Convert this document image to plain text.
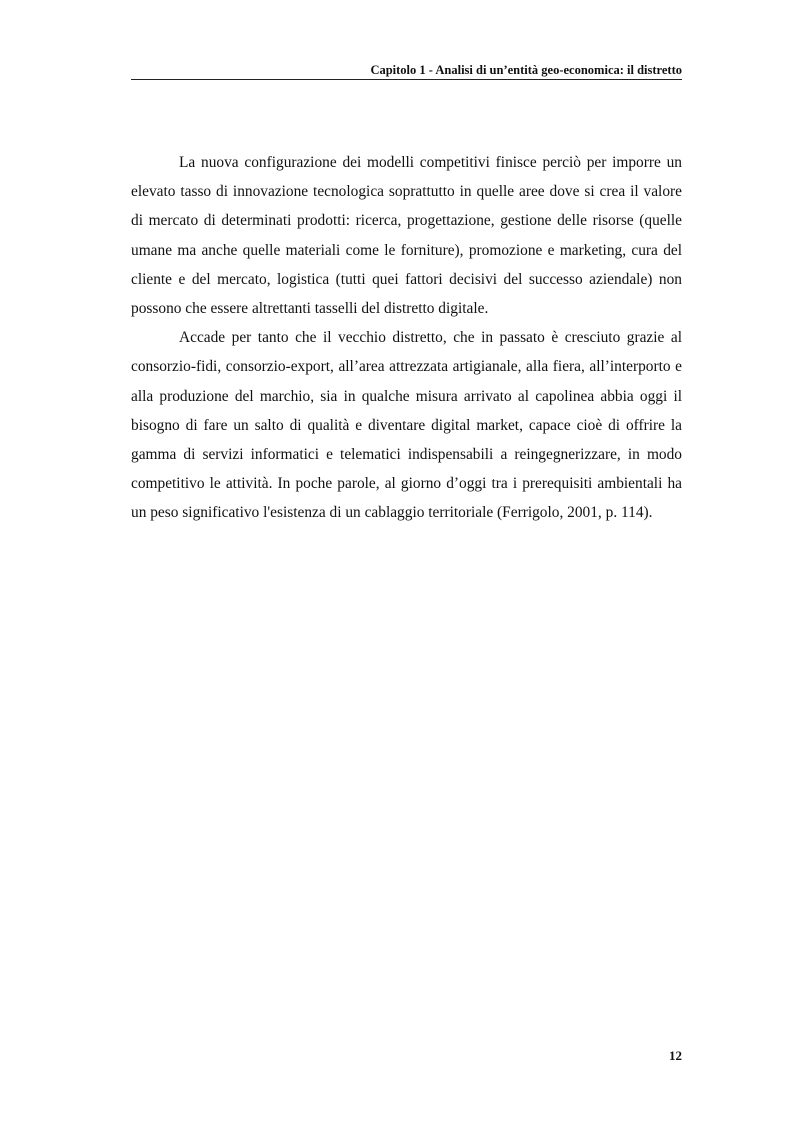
Capitolo 1 - Analisi di un’entità geo-economica: il distretto

La nuova configurazione dei modelli competitivi finisce perciò per imporre un elevato tasso di innovazione tecnologica soprattutto in quelle aree dove si crea il valore di mercato di determinati prodotti: ricerca, progettazione, gestione delle risorse (quelle umane ma anche quelle materiali come le forniture), promozione e marketing, cura del cliente e del mercato, logistica (tutti quei fattori decisivi del successo aziendale) non possono che essere altrettanti tasselli del distretto digitale.

Accade per tanto che il vecchio distretto, che in passato è cresciuto grazie al consorzio-fidi, consorzio-export, all’area attrezzata artigianale, alla fiera, all’interporto e alla produzione del marchio, sia in qualche misura arrivato al capolinea abbia oggi il bisogno di fare un salto di qualità e diventare digital market, capace cioè di offrire la gamma di servizi informatici e telematici indispensabili a reingegnerizzare, in modo competitivo le attività. In poche parole, al giorno d’oggi tra i prerequisiti ambientali ha un peso significativo l'esistenza di un cablaggio territoriale (Ferrigolo, 2001, p. 114).

12
